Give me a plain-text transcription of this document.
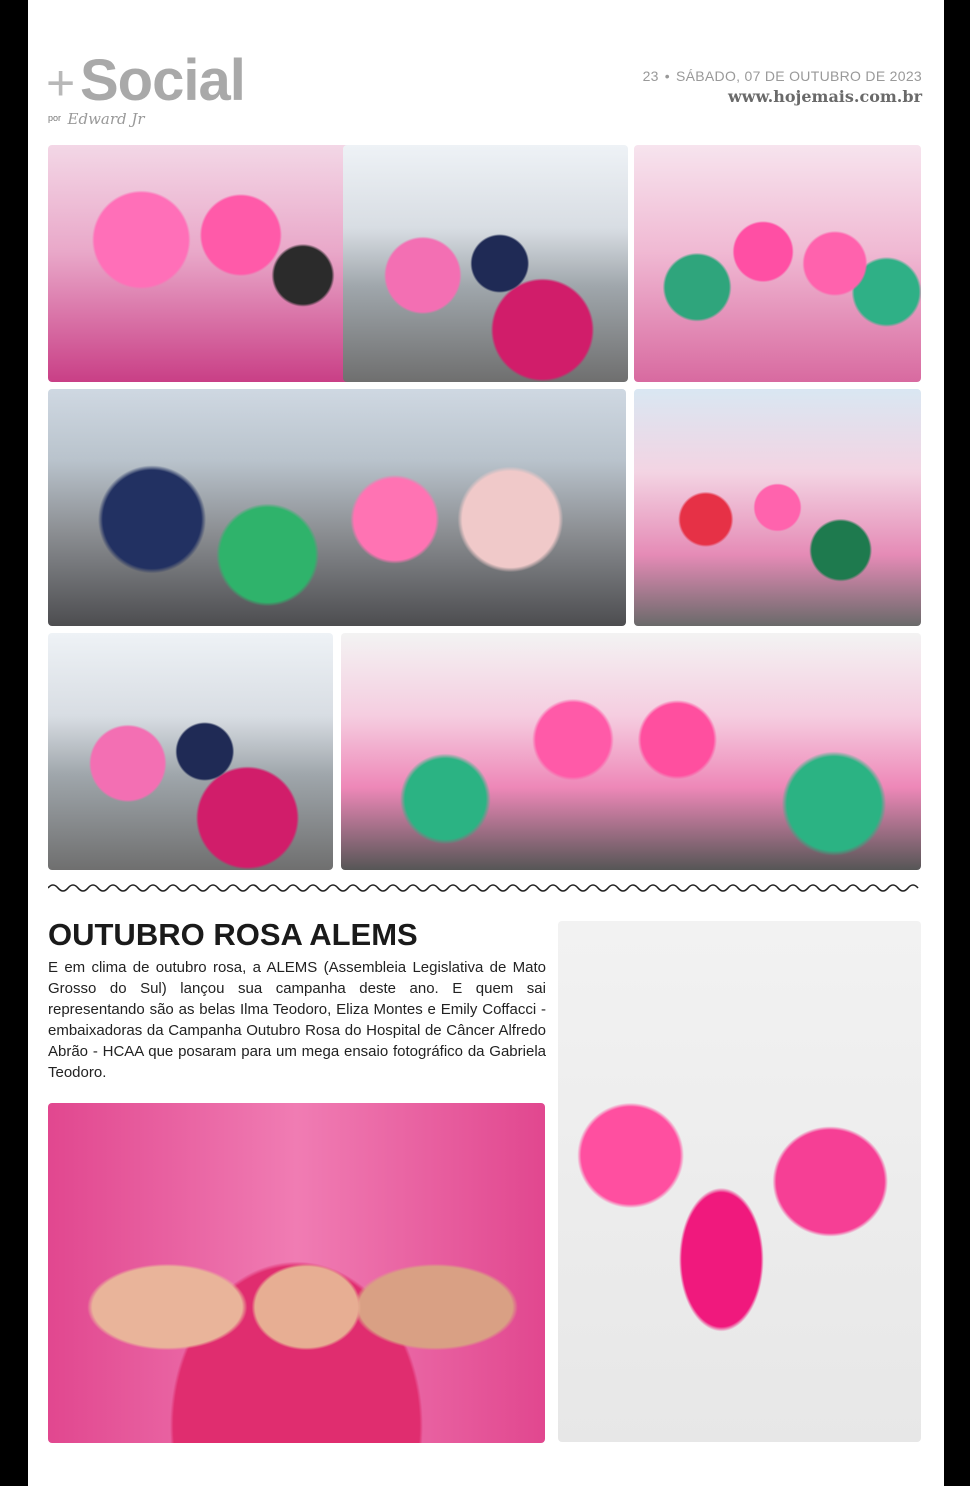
+ Social
por Edward Jr
23 • SÁBADO, 07 DE OUTUBRO DE 2023
www.hojemais.com.br
OUTUBRO ROSA ALEMS
E em clima de outubro rosa, a ALEMS (Assembleia Legislativa de Mato Grosso do Sul) lançou sua campanha deste ano. E quem sai representando são as belas Ilma Teodoro, Eliza Montes e Emily Coffacci - embaixadoras da Campanha Outubro Rosa do Hospital de Câncer Alfredo Abrão - HCAA que posaram para um mega ensaio fotográfico da Gabriela Teodoro.
